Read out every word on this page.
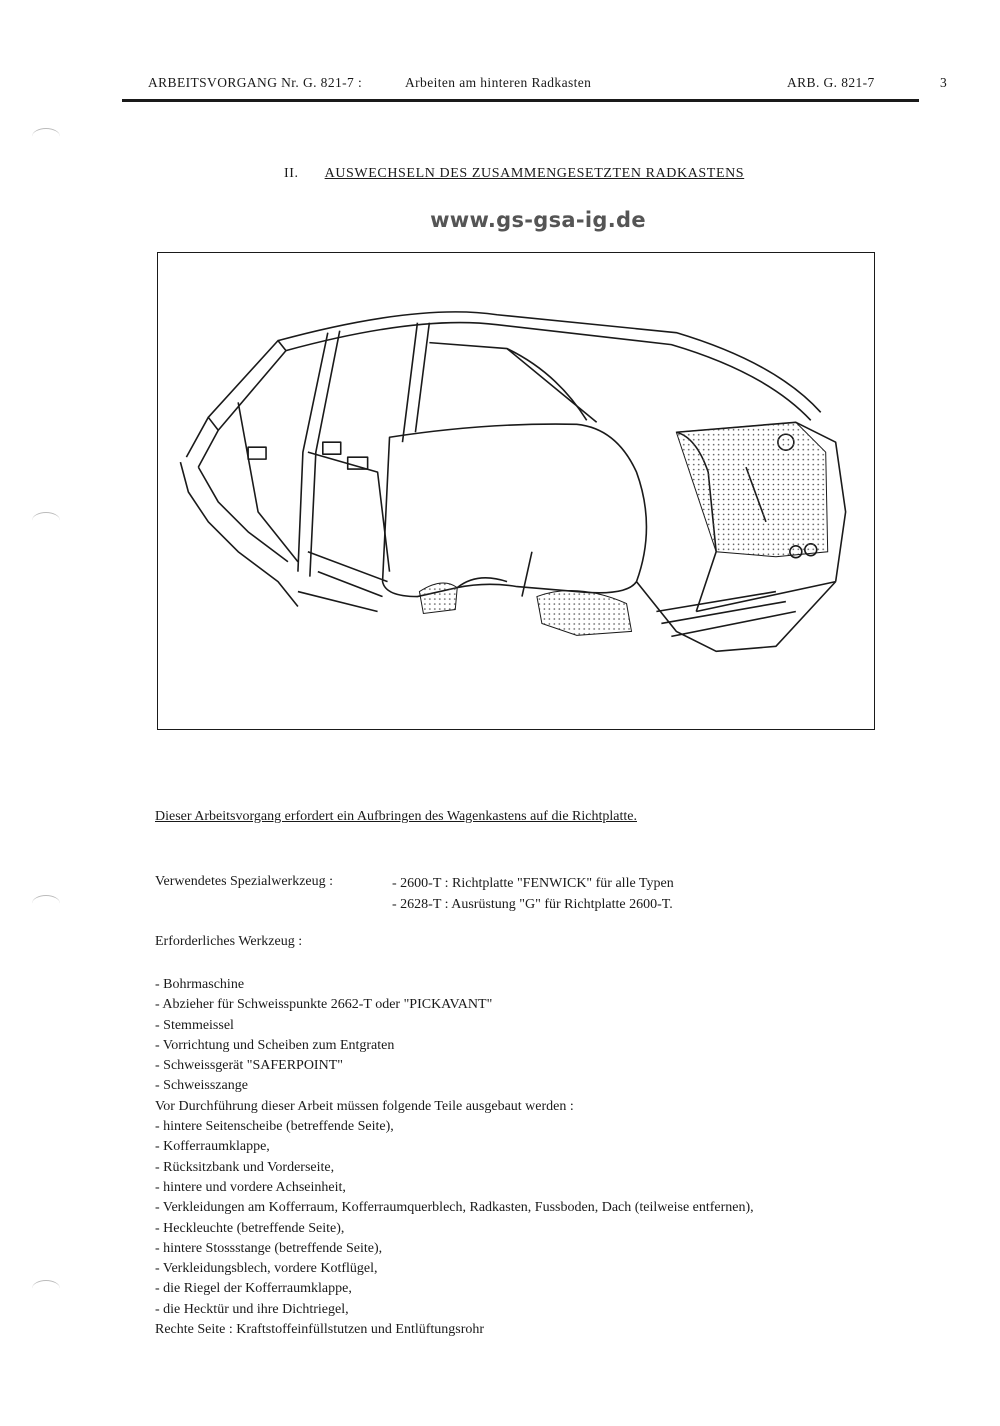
ARBEITSVORGANG Nr. G. 821-7 :	Arbeiten am hinteren Radkasten	ARB. G. 821-7	3
II. AUSWECHSELN DES ZUSAMMENGESETZTEN RADKASTENS
www.gs-gsa-ig.de
Dieser Arbeitsvorgang erfordert ein Aufbringen des Wagenkastens auf die Richtplatte.
Verwendetes Spezialwerkzeug :	- 2600-T : Richtplatte "FENWICK" für alle Typen
- 2628-T : Ausrüstung "G" für Richtplatte 2600-T.
Erforderliches Werkzeug :
- Bohrmaschine
- Abzieher für Schweisspunkte 2662-T oder "PICKAVANT"
- Stemmeissel
- Vorrichtung und Scheiben zum Entgraten
- Schweissgerät "SAFERPOINT"
- Schweisszange
Vor Durchführung dieser Arbeit müssen folgende Teile ausgebaut werden :
- hintere Seitenscheibe (betreffende Seite),
- Kofferraumklappe,
- Rücksitzbank und Vorderseite,
- hintere und vordere Achseinheit,
- Verkleidungen am Kofferraum, Kofferraumquerblech, Radkasten, Fussboden, Dach (teilweise entfernen),
- Heckleuchte (betreffende Seite),
- hintere Stossstange (betreffende Seite),
- Verkleidungsblech, vordere Kotflügel,
- die Riegel der Kofferraumklappe,
- die Hecktür und ihre Dichtriegel,
Rechte Seite : Kraftstoffeinfüllstutzen und Entlüftungsrohr
